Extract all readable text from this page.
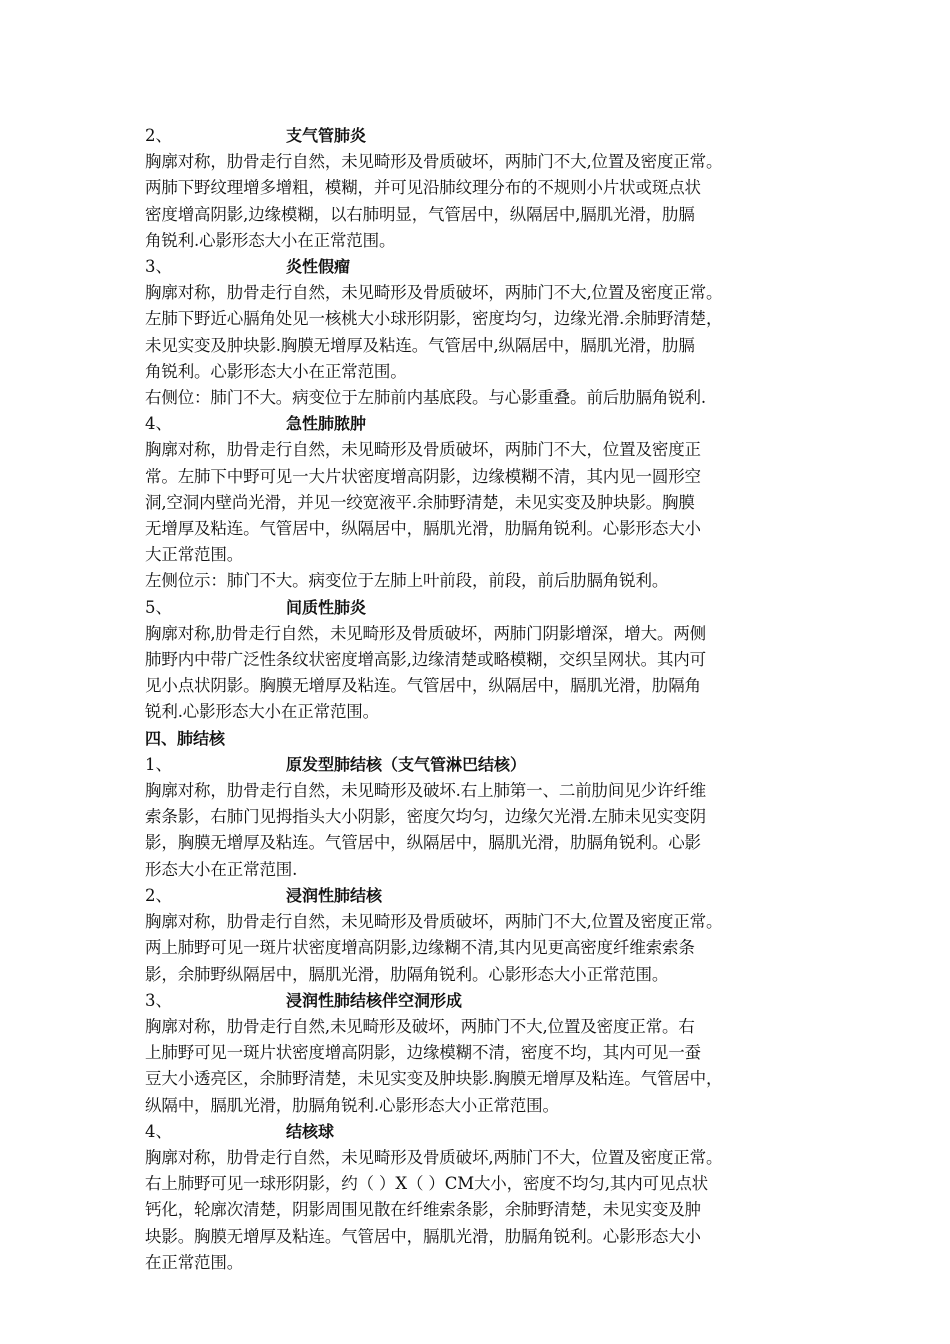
2、	支气管肺炎
胸廓对称，肋骨走行自然，未见畸形及骨质破坏，两肺门不大,位置及密度正常。
两肺下野纹理增多增粗，模糊，并可见沿肺纹理分布的不规则小片状或斑点状
密度增高阴影,边缘模糊，以右肺明显，气管居中，纵隔居中,膈肌光滑，肋膈
角锐利.心影形态大小在正常范围。
3、	炎性假瘤
胸廓对称，肋骨走行自然，未见畸形及骨质破坏，两肺门不大,位置及密度正常。
左肺下野近心膈角处见一核桃大小球形阴影，密度均匀，边缘光滑.余肺野清楚，
未见实变及肿块影.胸膜无增厚及粘连。气管居中,纵隔居中，膈肌光滑，肋膈
角锐利。心影形态大小在正常范围。
右侧位：肺门不大。病变位于左肺前内基底段。与心影重叠。前后肋膈角锐利.
4、	急性肺脓肿
胸廓对称，肋骨走行自然，未见畸形及骨质破坏，两肺门不大，位置及密度正
常。左肺下中野可见一大片状密度增高阴影，边缘模糊不清，其内见一圆形空
洞,空洞内壁尚光滑，并见一绞宽液平.余肺野清楚，未见实变及肿块影。胸膜
无增厚及粘连。气管居中，纵隔居中，膈肌光滑，肋膈角锐利。心影形态大小
大正常范围。
左侧位示：肺门不大。病变位于左肺上叶前段，前段，前后肋膈角锐利。
5、	间质性肺炎
胸廓对称,肋骨走行自然，未见畸形及骨质破坏，两肺门阴影增深，增大。两侧
肺野内中带广泛性条纹状密度增高影,边缘清楚或略模糊，交织呈网状。其内可
见小点状阴影。胸膜无增厚及粘连。气管居中，纵隔居中，膈肌光滑，肋隔角
锐利.心影形态大小在正常范围。
四、肺结核
1、	原发型肺结核（支气管淋巴结核）
胸廓对称，肋骨走行自然，未见畸形及破坏.右上肺第一、二前肋间见少许纤维
索条影，右肺门见拇指头大小阴影，密度欠均匀，边缘欠光滑.左肺未见实变阴
影，胸膜无增厚及粘连。气管居中，纵隔居中，膈肌光滑，肋膈角锐利。心影
形态大小在正常范围.
2、	浸润性肺结核
胸廓对称，肋骨走行自然，未见畸形及骨质破坏，两肺门不大,位置及密度正常。
两上肺野可见一斑片状密度增高阴影,边缘糊不清,其内见更高密度纤维索索条
影，余肺野纵隔居中，膈肌光滑，肋隔角锐利。心影形态大小正常范围。
3、	浸润性肺结核伴空洞形成
胸廓对称，肋骨走行自然,未见畸形及破坏，两肺门不大,位置及密度正常。右
上肺野可见一斑片状密度增高阴影，边缘模糊不清，密度不均，其内可见一蚕
豆大小透亮区，余肺野清楚，未见实变及肿块影.胸膜无增厚及粘连。气管居中，
纵隔中，膈肌光滑，肋膈角锐利.心影形态大小正常范围。
4、	结核球
胸廓对称，肋骨走行自然，未见畸形及骨质破坏,两肺门不大，位置及密度正常。
右上肺野可见一球形阴影，约（ ）X（ ）CM大小，密度不均匀,其内可见点状
钙化，轮廓次清楚，阴影周围见散在纤维索条影，余肺野清楚，未见实变及肿
块影。胸膜无增厚及粘连。气管居中，膈肌光滑，肋膈角锐利。心影形态大小
在正常范围。
